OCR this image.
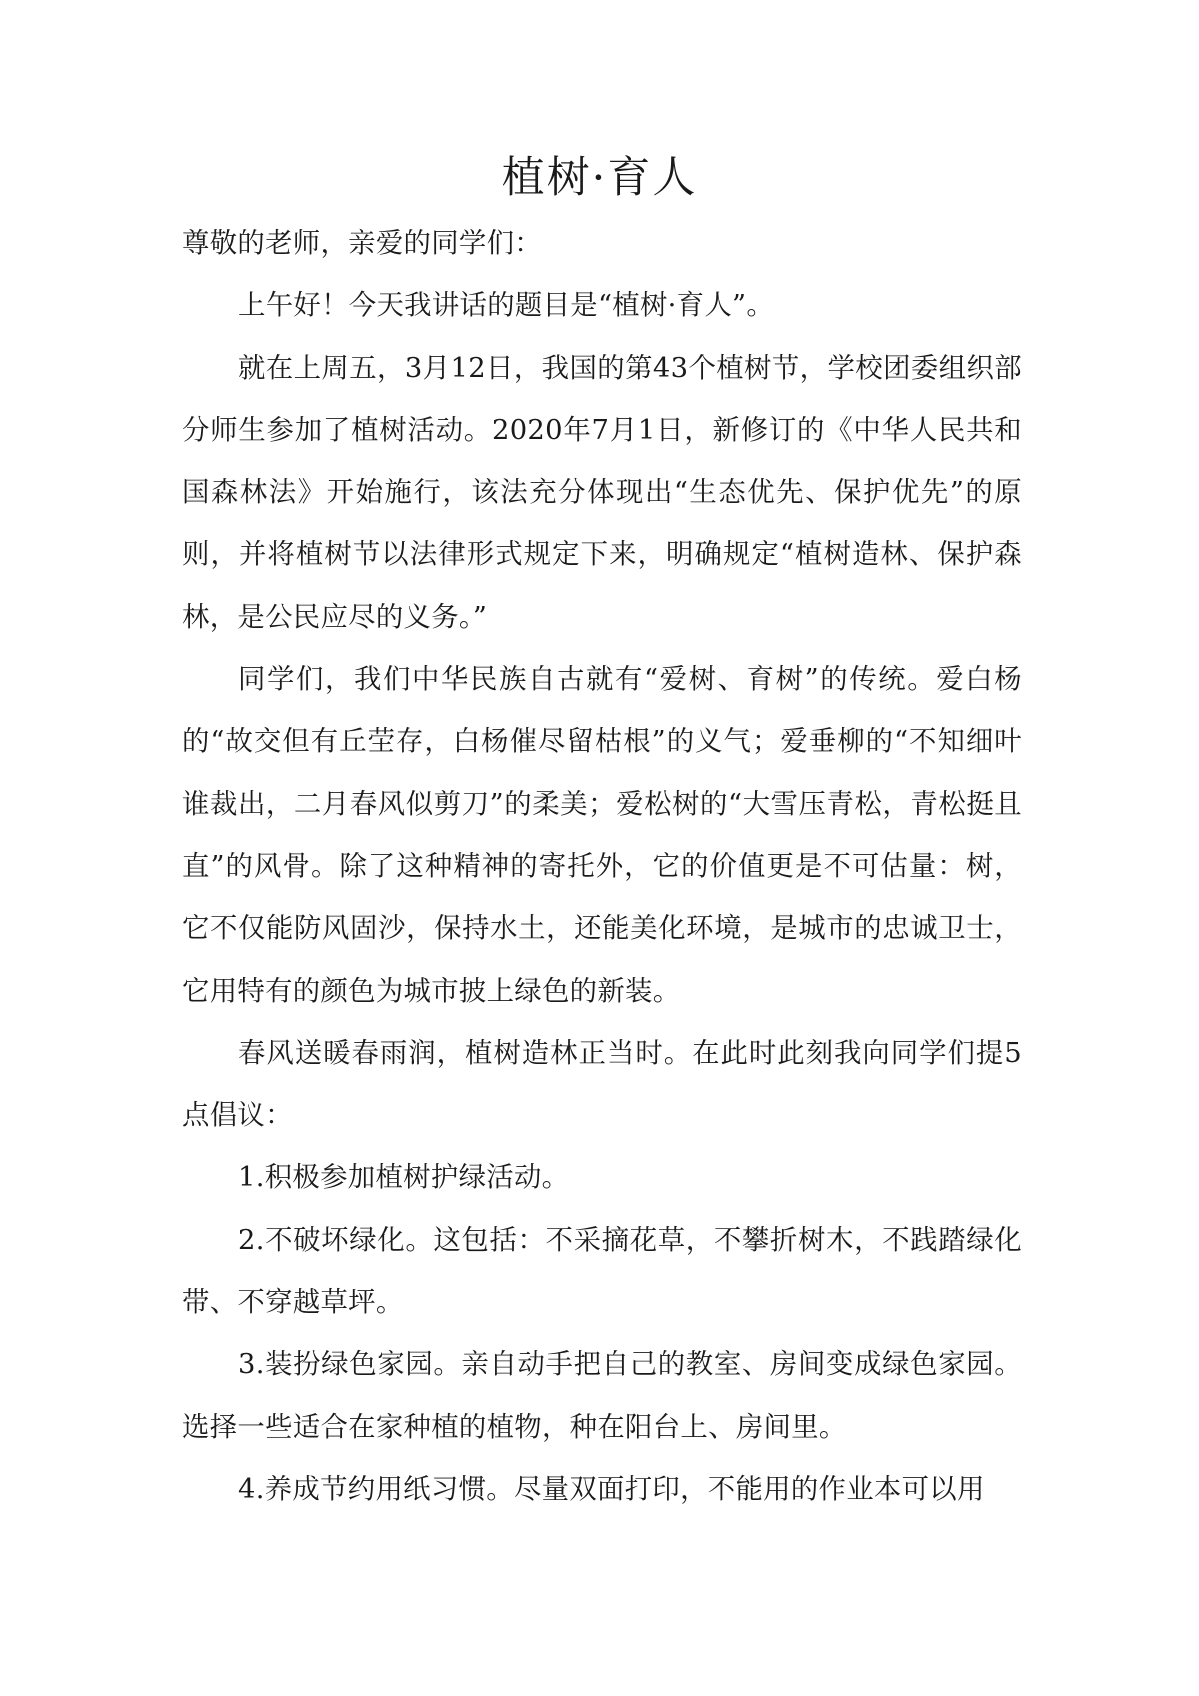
植树·育人

尊敬的老师，亲爱的同学们：

上午好！今天我讲话的题目是“植树·育人”。

就在上周五，3月12日，我国的第43个植树节，学校团委组织部分师生参加了植树活动。2020年7月1日，新修订的《中华人民共和国森林法》开始施行，该法充分体现出“生态优先、保护优先”的原则，并将植树节以法律形式规定下来，明确规定“植树造林、保护森林，是公民应尽的义务。”

同学们，我们中华民族自古就有“爱树、育树”的传统。爱白杨的“故交但有丘茔存，白杨催尽留枯根”的义气；爱垂柳的“不知细叶谁裁出，二月春风似剪刀”的柔美；爱松树的“大雪压青松，青松挺且直”的风骨。除了这种精神的寄托外，它的价值更是不可估量：树，它不仅能防风固沙，保持水土，还能美化环境，是城市的忠诚卫士，它用特有的颜色为城市披上绿色的新装。

春风送暖春雨润，植树造林正当时。在此时此刻我向同学们提5点倡议：

1.积极参加植树护绿活动。

2.不破坏绿化。这包括：不采摘花草，不攀折树木，不践踏绿化带、不穿越草坪。

3.装扮绿色家园。亲自动手把自己的教室、房间变成绿色家园。选择一些适合在家种植的植物，种在阳台上、房间里。

4.养成节约用纸习惯。尽量双面打印，不能用的作业本可以用
